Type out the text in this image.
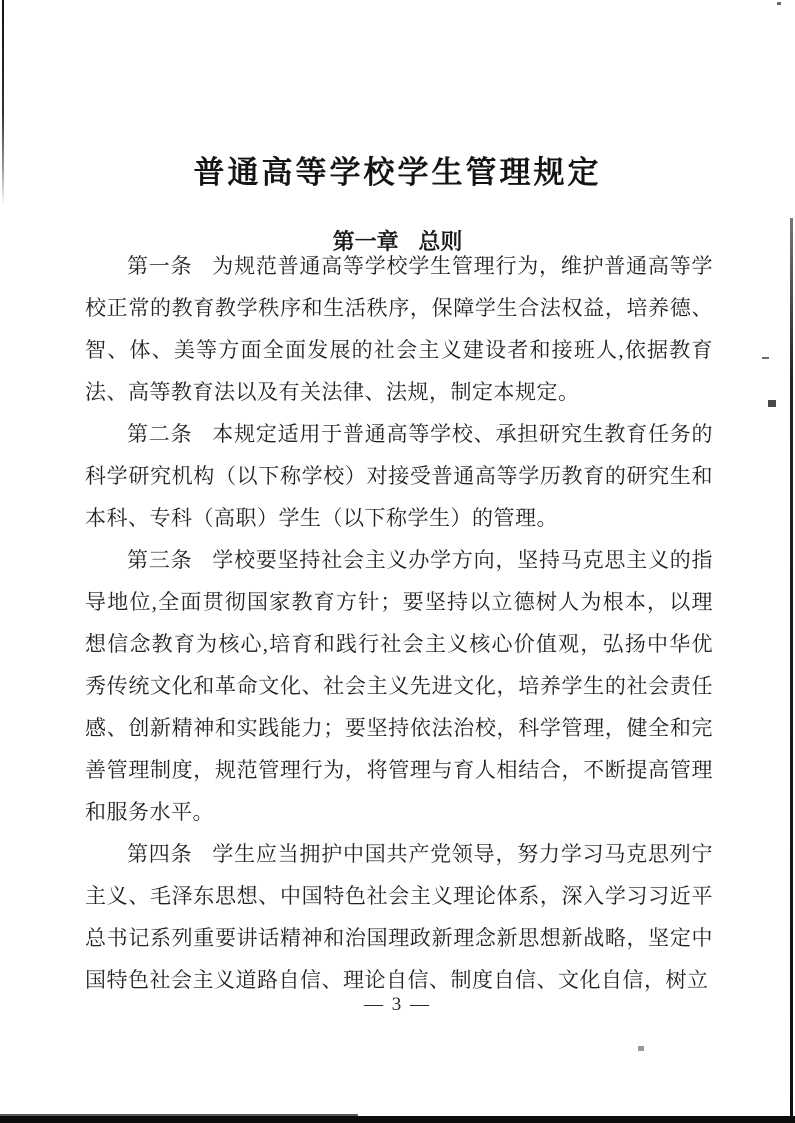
普通高等学校学生管理规定
第一章 总则

第一条 为规范普通高等学校学生管理行为，维护普通高等学校正常的教育教学秩序和生活秩序，保障学生合法权益，培养德、智、体、美等方面全面发展的社会主义建设者和接班人,依据教育法、高等教育法以及有关法律、法规，制定本规定。

第二条 本规定适用于普通高等学校、承担研究生教育任务的科学研究机构（以下称学校）对接受普通高等学历教育的研究生和本科、专科（高职）学生（以下称学生）的管理。

第三条 学校要坚持社会主义办学方向，坚持马克思主义的指导地位,全面贯彻国家教育方针；要坚持以立德树人为根本，以理想信念教育为核心,培育和践行社会主义核心价值观，弘扬中华优秀传统文化和革命文化、社会主义先进文化，培养学生的社会责任感、创新精神和实践能力；要坚持依法治校，科学管理，健全和完善管理制度，规范管理行为，将管理与育人相结合，不断提高管理和服务水平。

第四条 学生应当拥护中国共产党领导，努力学习马克思列宁主义、毛泽东思想、中国特色社会主义理论体系，深入学习习近平总书记系列重要讲话精神和治国理政新理念新思想新战略，坚定中国特色社会主义道路自信、理论自信、制度自信、文化自信，树立

— 3 —
